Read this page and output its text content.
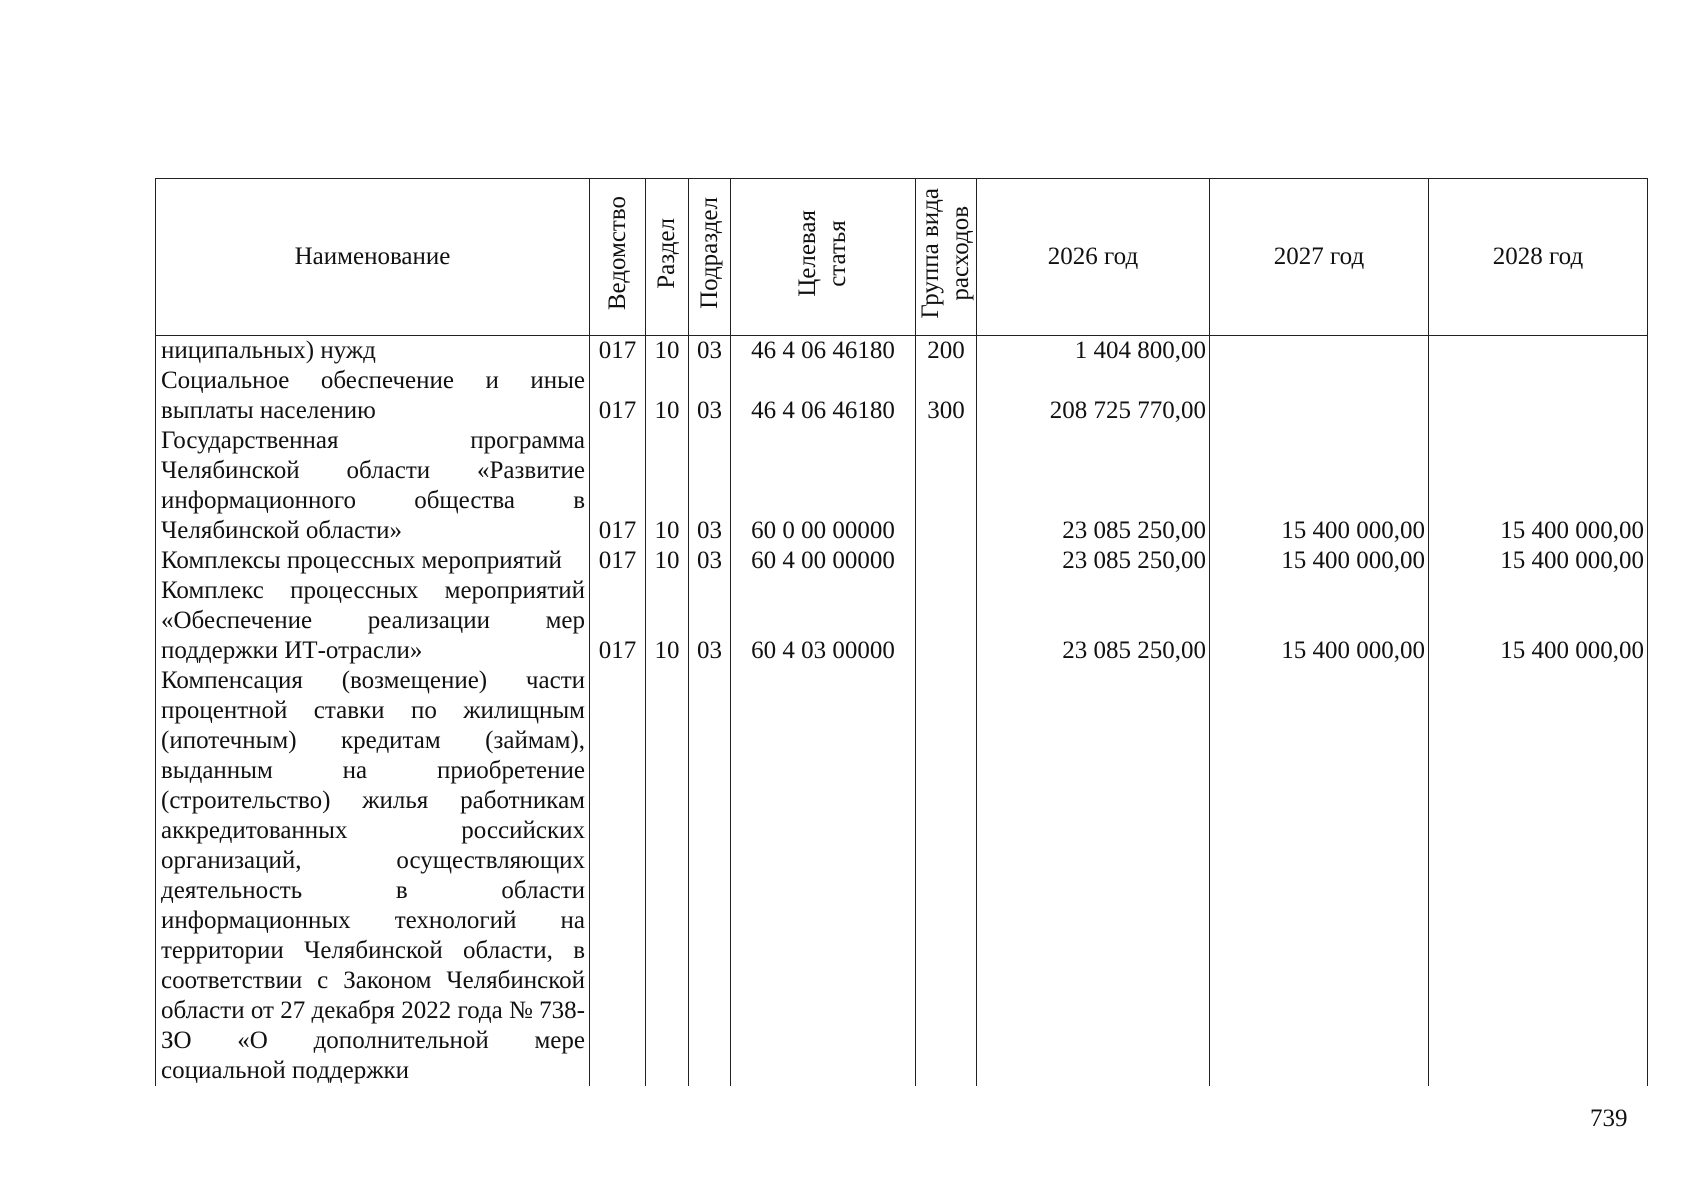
Наименование	Ведомство	Раздел	Подраздел	Целевая статья	Группа вида расходов	2026 год	2027 год	2028 год
ниципальных) нужд	017	10	03	46 4 06 46180	200	1 404 800,00		
Социальное обеспечение и иные выплаты населению	017	10	03	46 4 06 46180	300	208 725 770,00		
Государственная программа Челябинской области «Развитие информационного общества в Челябинской области»	017	10	03	60 0 00 00000		23 085 250,00	15 400 000,00	15 400 000,00
Комплексы процессных мероприятий	017	10	03	60 4 00 00000		23 085 250,00	15 400 000,00	15 400 000,00
Комплекс процессных мероприятий «Обеспечение реализации мер поддержки ИТ-отрасли»	017	10	03	60 4 03 00000		23 085 250,00	15 400 000,00	15 400 000,00
Компенсация (возмещение) части процентной ставки по жилищным (ипотечным) кредитам (займам), выданным на приобретение (строительство) жилья работникам аккредитованных российских организаций, осуществляющих деятельность в области информационных технологий на территории Челябинской области, в соответствии с Законом Челябинской области от 27 декабря 2022 года № 738-ЗО «О дополнительной мере социальной поддержки								
739
